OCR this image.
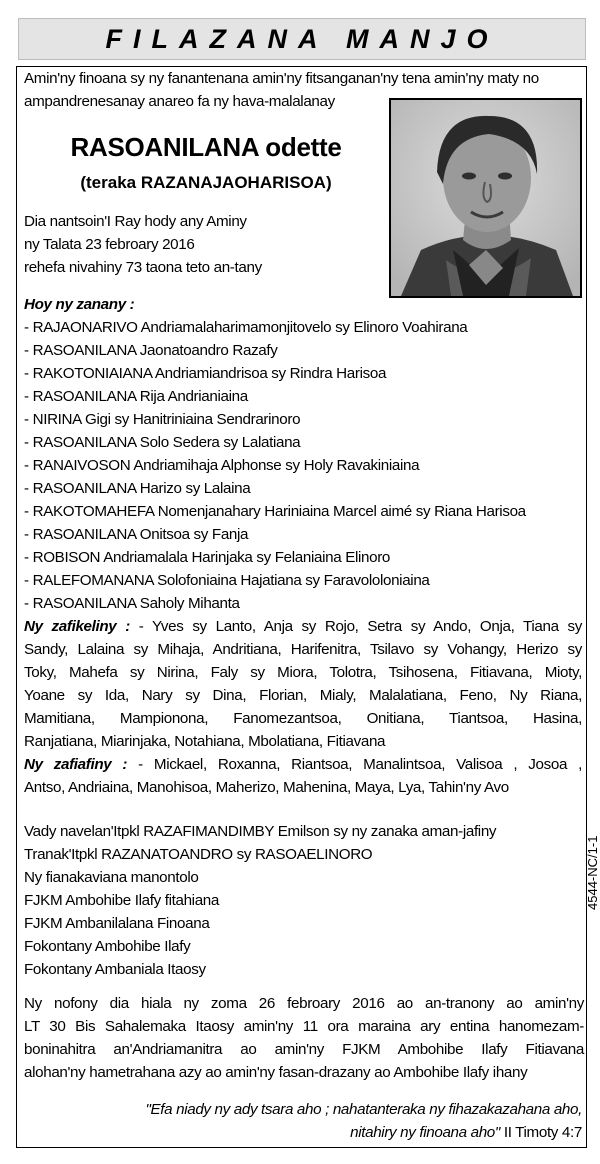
FILAZANA MANJO
Amin'ny finoana sy ny fanantenana amin'ny fitsanganan'ny tena amin'ny maty no
ampandrenesanay anareo fa ny hava-malalanay
RASOANILANA odette
(teraka RAZANAJAOHARISOA)
Dia nantsoin'I Ray hody any Aminy
ny Talata 23 febroary 2016
rehefa nivahiny 73 taona teto an-tany
Hoy ny zanany :
- RAJAONARIVO Andriamalaharimamonjitovelo sy Elinoro Voahirana
- RASOANILANA Jaonatoandro Razafy
- RAKOTONIAIANA Andriamiandrisoa sy Rindra Harisoa
- RASOANILANA Rija Andrianiaina
- NIRINA Gigi sy Hanitriniaina Sendrarinoro
- RASOANILANA Solo Sedera sy Lalatiana
- RANAIVOSON Andriamihaja Alphonse sy Holy Ravakiniaina
- RASOANILANA Harizo sy Lalaina
- RAKOTOMAHEFA Nomenjanahary Hariniaina Marcel aimé sy Riana Harisoa
- RASOANILANA Onitsoa sy Fanja
- ROBISON Andriamalala Harinjaka sy Felaniaina Elinoro
- RALEFOMANANA Solofoniaina Hajatiana sy Faravololoniaina
- RASOANILANA Saholy Mihanta
Ny zafikeliny : - Yves sy Lanto, Anja sy Rojo, Setra sy Ando, Onja, Tiana sy
Sandy, Lalaina sy Mihaja, Andritiana, Harifenitra, Tsilavo sy Vohangy, Herizo sy
Toky, Mahefa sy Nirina, Faly sy Miora, Tolotra, Tsihosena, Fitiavana, Mioty,
Yoane sy Ida, Nary sy Dina, Florian, Mialy, Malalatiana, Feno, Ny Riana,
Mamitiana, Mampionona, Fanomezantsoa, Onitiana, Tiantsoa, Hasina,
Ranjatiana, Miarinjaka, Notahiana, Mbolatiana, Fitiavana
Ny zafiafiny : - Mickael, Roxanna, Riantsoa, Manalintsoa, Valisoa , Josoa ,
Antso, Andriaina, Manohisoa, Maherizo, Mahenina, Maya, Lya, Tahin'ny Avo
Vady navelan'Itpkl RAZAFIMANDIMBY Emilson sy ny zanaka aman-jafiny
Tranak'Itpkl RAZANATOANDRO sy RASOAELINORO
Ny fianakaviana manontolo
FJKM Ambohibe Ilafy fitahiana
FJKM Ambanilalana Finoana
Fokontany Ambohibe Ilafy
Fokontany Ambaniala Itaosy
4544-NC/1-1
Ny nofony dia hiala ny zoma 26 febroary 2016 ao an-tranony ao amin'ny
LT 30 Bis Sahalemaka Itaosy amin'ny 11 ora maraina ary entina hanomezam-
boninahitra an'Andriamanitra ao amin'ny FJKM Ambohibe Ilafy Fitiavana
alohan'ny hametrahana azy ao amin'ny fasan-drazany ao Ambohibe Ilafy ihany
"Efa niady ny ady tsara aho ; nahatanteraka ny fihazakazahana aho,
nitahiry ny finoana aho" II Timoty 4:7
